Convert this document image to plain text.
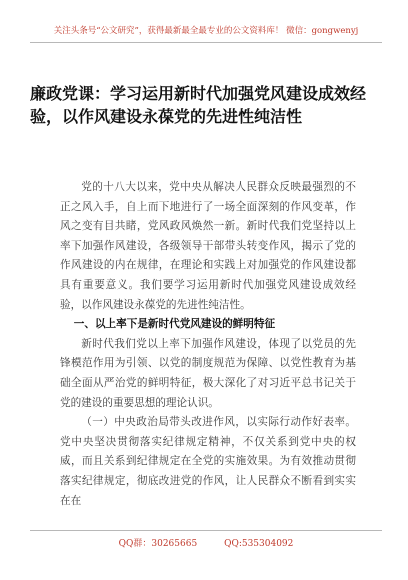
关注头条号“公文研究”，获得最新最全最专业的公文资料库！ 微信：gongwenyj
廉政党课：学习运用新时代加强党风建设成效经验，以作风建设永葆党的先进性纯洁性

党的十八大以来，党中央从解决人民群众反映最强烈的不正之风入手，自上而下地进行了一场全面深刻的作风变革，作风之变有目共睹，党风政风焕然一新。新时代我们党坚持以上率下加强作风建设，各级领导干部带头转变作风，揭示了党的作风建设的内在规律，在理论和实践上对加强党的作风建设都具有重要意义。我们要学习运用新时代加强党风建设成效经验，以作风建设永葆党的先进性纯洁性。

一、以上率下是新时代党风建设的鲜明特征

新时代我们党以上率下加强作风建设，体现了以党员的先锋模范作用为引领、以党的制度规范为保障、以党性教育为基础全面从严治党的鲜明特征，极大深化了对习近平总书记关于党的建设的重要思想的理论认识。

（一）中央政治局带头改进作风，以实际行动作好表率。党中央坚决贯彻落实纪律规定精神，不仅关系到党中央的权威，而且关系到纪律规定在全党的实施效果。为有效推动贯彻落实纪律规定，彻底改进党的作风，让人民群众不断看到实实在在

QQ群：30265665	QQ:535304092
